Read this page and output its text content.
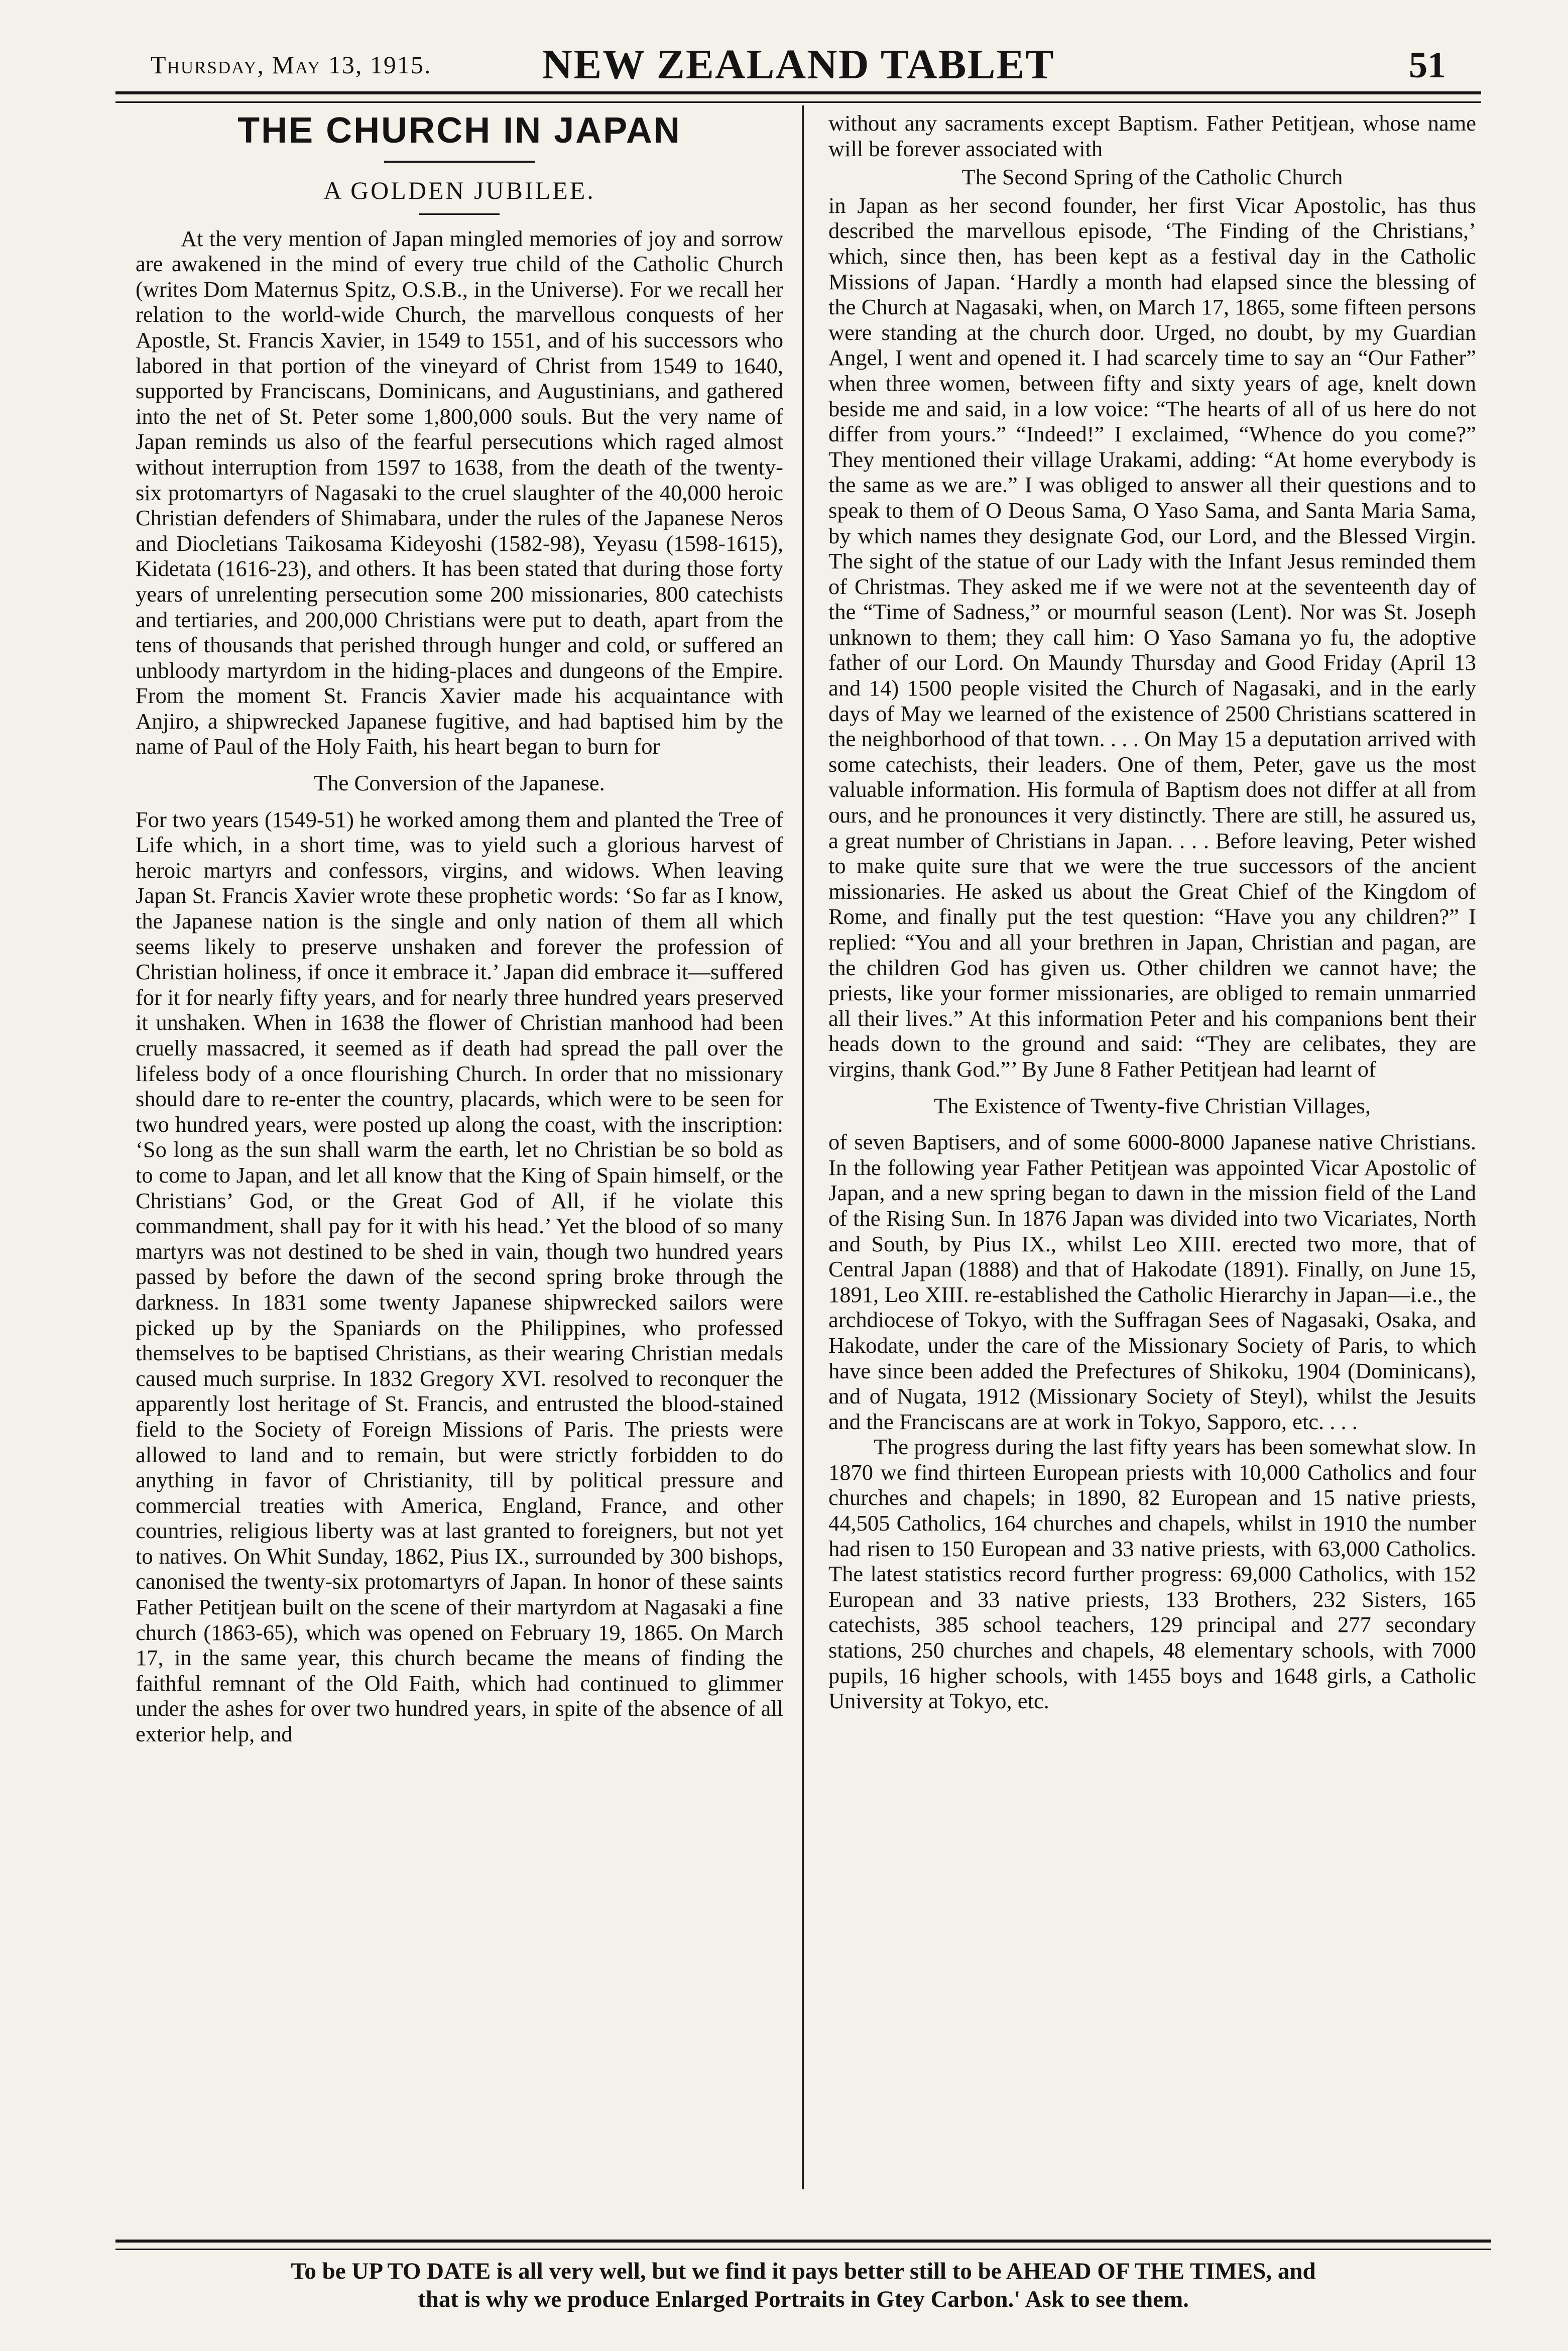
Thursday, May 13, 1915.	NEW ZEALAND TABLET	51
THE CHURCH IN JAPAN
A GOLDEN JUBILEE.

At the very mention of Japan mingled memories of joy and sorrow are awakened in the mind of every true child of the Catholic Church (writes Dom Maternus Spitz, O.S.B., in the Universe). For we recall her relation to the world-wide Church, the marvellous conquests of her Apostle, St. Francis Xavier, in 1549 to 1551, and of his successors who labored in that portion of the vineyard of Christ from 1549 to 1640, supported by Franciscans, Dominicans, and Augustinians, and gathered into the net of St. Peter some 1,800,000 souls. But the very name of Japan reminds us also of the fearful persecutions which raged almost without interruption from 1597 to 1638, from the death of the twenty-six protomartyrs of Nagasaki to the cruel slaughter of the 40,000 heroic Christian defenders of Shimabara, under the rules of the Japanese Neros and Diocletians Taikosama Kideyoshi (1582-98), Yeyasu (1598-1615), Kidetata (1616-23), and others. It has been stated that during those forty years of unrelenting persecution some 200 missionaries, 800 catechists and tertiaries, and 200,000 Christians were put to death, apart from the tens of thousands that perished through hunger and cold, or suffered an unbloody martyrdom in the hiding-places and dungeons of the Empire. From the moment St. Francis Xavier made his acquaintance with Anjiro, a shipwrecked Japanese fugitive, and had baptised him by the name of Paul of the Holy Faith, his heart began to burn for

The Conversion of the Japanese.

For two years (1549-51) he worked among them and planted the Tree of Life which, in a short time, was to yield such a glorious harvest of heroic martyrs and confessors, virgins, and widows. When leaving Japan St. Francis Xavier wrote these prophetic words: ‘So far as I know, the Japanese nation is the single and only nation of them all which seems likely to preserve unshaken and forever the profession of Christian holiness, if once it embrace it.’ Japan did embrace it—suffered for it for nearly fifty years, and for nearly three hundred years preserved it unshaken. When in 1638 the flower of Christian manhood had been cruelly massacred, it seemed as if death had spread the pall over the lifeless body of a once flourishing Church. In order that no missionary should dare to re-enter the country, placards, which were to be seen for two hundred years, were posted up along the coast, with the inscription: ‘So long as the sun shall warm the earth, let no Christian be so bold as to come to Japan, and let all know that the King of Spain himself, or the Christians’ God, or the Great God of All, if he violate this commandment, shall pay for it with his head.’ Yet the blood of so many martyrs was not destined to be shed in vain, though two hundred years passed by before the dawn of the second spring broke through the darkness. In 1831 some twenty Japanese shipwrecked sailors were picked up by the Spaniards on the Philippines, who professed themselves to be baptised Christians, as their wearing Christian medals caused much surprise. In 1832 Gregory XVI. resolved to reconquer the apparently lost heritage of St. Francis, and entrusted the blood-stained field to the Society of Foreign Missions of Paris. The priests were allowed to land and to remain, but were strictly forbidden to do anything in favor of Christianity, till by political pressure and commercial treaties with America, England, France, and other countries, religious liberty was at last granted to foreigners, but not yet to natives. On Whit Sunday, 1862, Pius IX., surrounded by 300 bishops, canonised the twenty-six protomartyrs of Japan. In honor of these saints Father Petitjean built on the scene of their martyrdom at Nagasaki a fine church (1863-65), which was opened on February 19, 1865. On March 17, in the same year, this church became the means of finding the faithful remnant of the Old Faith, which had continued to glimmer under the ashes for over two hundred years, in spite of the absence of all exterior help, and

without any sacraments except Baptism. Father Petitjean, whose name will be forever associated with

The Second Spring of the Catholic Church

in Japan as her second founder, her first Vicar Apostolic, has thus described the marvellous episode, ‘The Finding of the Christians,’ which, since then, has been kept as a festival day in the Catholic Missions of Japan. ‘Hardly a month had elapsed since the blessing of the Church at Nagasaki, when, on March 17, 1865, some fifteen persons were standing at the church door. Urged, no doubt, by my Guardian Angel, I went and opened it. I had scarcely time to say an “Our Father” when three women, between fifty and sixty years of age, knelt down beside me and said, in a low voice: “The hearts of all of us here do not differ from yours.” “Indeed!” I exclaimed, “Whence do you come?” They mentioned their village Urakami, adding: “At home everybody is the same as we are.” I was obliged to answer all their questions and to speak to them of O Deous Sama, O Yaso Sama, and Santa Maria Sama, by which names they designate God, our Lord, and the Blessed Virgin. The sight of the statue of our Lady with the Infant Jesus reminded them of Christmas. They asked me if we were not at the seventeenth day of the “Time of Sadness,” or mournful season (Lent). Nor was St. Joseph unknown to them; they call him: O Yaso Samana yo fu, the adoptive father of our Lord. On Maundy Thursday and Good Friday (April 13 and 14) 1500 people visited the Church of Nagasaki, and in the early days of May we learned of the existence of 2500 Christians scattered in the neighborhood of that town. . . . On May 15 a deputation arrived with some catechists, their leaders. One of them, Peter, gave us the most valuable information. His formula of Baptism does not differ at all from ours, and he pronounces it very distinctly. There are still, he assured us, a great number of Christians in Japan. . . . Before leaving, Peter wished to make quite sure that we were the true successors of the ancient missionaries. He asked us about the Great Chief of the Kingdom of Rome, and finally put the test question: “Have you any children?” I replied: “You and all your brethren in Japan, Christian and pagan, are the children God has given us. Other children we cannot have; the priests, like your former missionaries, are obliged to remain unmarried all their lives.” At this information Peter and his companions bent their heads down to the ground and said: “They are celibates, they are virgins, thank God.”’ By June 8 Father Petitjean had learnt of

The Existence of Twenty-five Christian Villages,

of seven Baptisers, and of some 6000-8000 Japanese native Christians. In the following year Father Petitjean was appointed Vicar Apostolic of Japan, and a new spring began to dawn in the mission field of the Land of the Rising Sun. In 1876 Japan was divided into two Vicariates, North and South, by Pius IX., whilst Leo XIII. erected two more, that of Central Japan (1888) and that of Hakodate (1891). Finally, on June 15, 1891, Leo XIII. re-established the Catholic Hierarchy in Japan—i.e., the archdiocese of Tokyo, with the Suffragan Sees of Nagasaki, Osaka, and Hakodate, under the care of the Missionary Society of Paris, to which have since been added the Prefectures of Shikoku, 1904 (Dominicans), and of Nugata, 1912 (Missionary Society of Steyl), whilst the Jesuits and the Franciscans are at work in Tokyo, Sapporo, etc. . . .

The progress during the last fifty years has been somewhat slow. In 1870 we find thirteen European priests with 10,000 Catholics and four churches and chapels; in 1890, 82 European and 15 native priests, 44,505 Catholics, 164 churches and chapels, whilst in 1910 the number had risen to 150 European and 33 native priests, with 63,000 Catholics. The latest statistics record further progress: 69,000 Catholics, with 152 European and 33 native priests, 133 Brothers, 232 Sisters, 165 catechists, 385 school teachers, 129 principal and 277 secondary stations, 250 churches and chapels, 48 elementary schools, with 7000 pupils, 16 higher schools, with 1455 boys and 1648 girls, a Catholic University at Tokyo, etc.

To be UP TO DATE is all very well, but we find it pays better still to be AHEAD OF THE TIMES, and
that is why we produce Enlarged Portraits in Gtey Carbon.' Ask to see them.
